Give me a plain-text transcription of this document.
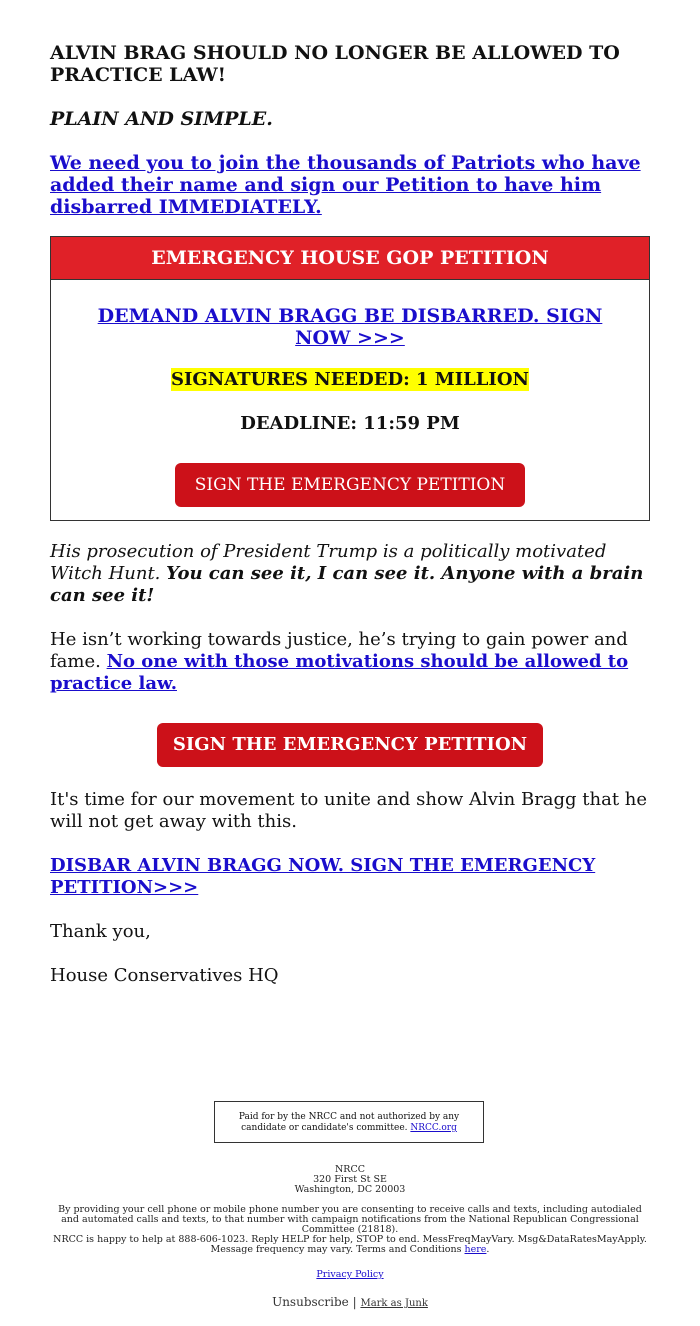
ALVIN BRAG SHOULD NO LONGER BE ALLOWED TO PRACTICE LAW!

PLAIN AND SIMPLE.

We need you to join the thousands of Patriots who have added their name and sign our Petition to have him disbarred IMMEDIATELY.

EMERGENCY HOUSE GOP PETITION
DEMAND ALVIN BRAGG BE DISBARRED. SIGN NOW >>>
SIGNATURES NEEDED: 1 MILLION
DEADLINE: 11:59 PM
SIGN THE EMERGENCY PETITION

His prosecution of President Trump is a politically motivated Witch Hunt. You can see it, I can see it. Anyone with a brain can see it!

He isn’t working towards justice, he’s trying to gain power and fame. No one with those motivations should be allowed to practice law.

SIGN THE EMERGENCY PETITION

It's time for our movement to unite and show Alvin Bragg that he will not get away with this.

DISBAR ALVIN BRAGG NOW. SIGN THE EMERGENCY PETITION>>>

Thank you,

House Conservatives HQ

Paid for by the NRCC and not authorized by any candidate or candidate's committee. NRCC.org
NRCC
320 First St SE
Washington, DC 20003
By providing your cell phone or mobile phone number you are consenting to receive calls and texts, including autodialed and automated calls and texts, to that number with campaign notifications from the National Republican Congressional Committee (21818).
NRCC is happy to help at 888-606-1023. Reply HELP for help, STOP to end. MessFreqMayVary. Msg&DataRatesMayApply. Message frequency may vary. Terms and Conditions here.
Privacy Policy
Unsubscribe | Mark as Junk
